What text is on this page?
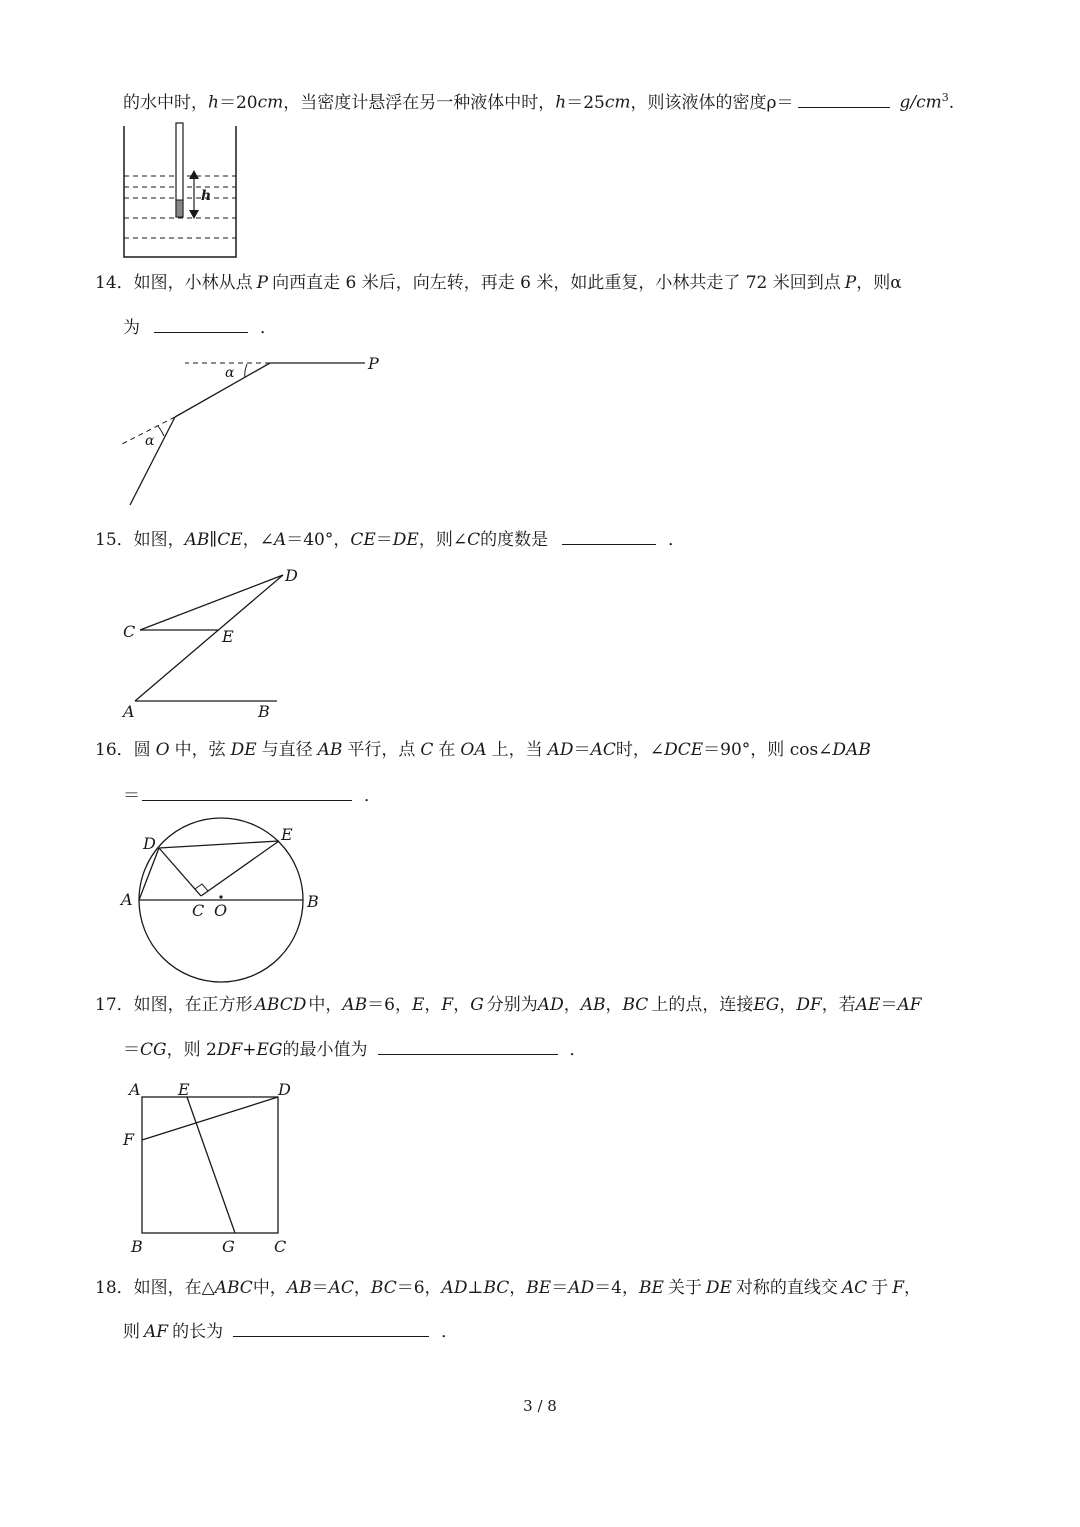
的水中时，h＝20cm，当密度计悬浮在另一种液体中时，h＝25cm，则该液体的密度ρ＝	$g/cm^3$.
h
14．如图，小林从点 P 向西直走 6 米后，向左转，再走 6 米，如此重复，小林共走了 72 米回到点 P，则α
为	．
P
α
α
15．如图，AB∥CE，∠A＝40°，CE＝DE，则∠C的度数是	．
A	B
C
D
E
16．圆 O 中，弦 DE 与直径 AB 平行，点 C 在 OA 上，当 AD＝AC时，∠DCE＝90°，则 cos∠DAB
＝	．
A	B
C
D	E
O
17．如图，在正方形 ABCD 中，AB＝6，E，F，G 分别为AD，AB，BC 上的点，连接EG，DF，若AE＝AF
＝CG，则 2DF+EG的最小值为	．
A
B	C
D
E
F
G
18．如图，在△ABC中，AB＝AC，BC＝6，AD⊥BC，BE＝AD＝4，BE 关于 DE 对称的直线交 AC 于 F，
则 AF 的长为	．
3 / 8
